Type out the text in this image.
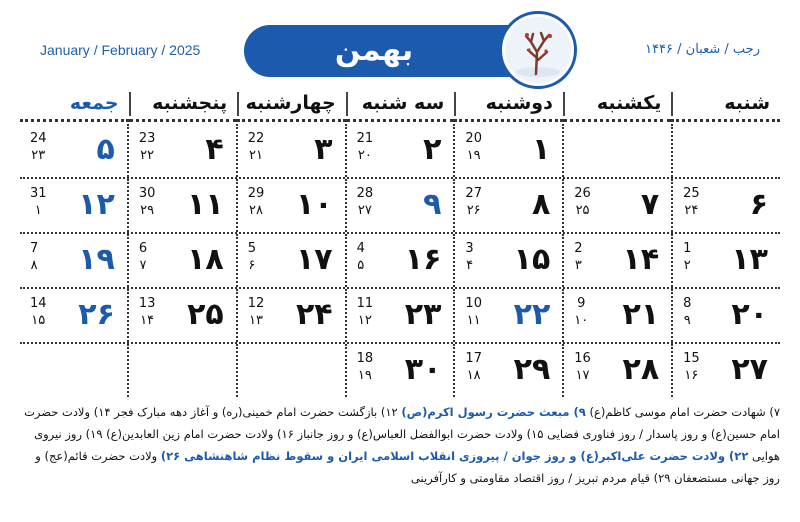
January / February / 2025	بهمن	رجب / شعبان / ۱۴۴۶
شنبه
یکشنبه
دوشنبه
سه شنبه
چهارشنبه
پنجشنبه
جمعه
۱
20
۱۹
۲
21
۲۰
۳
22
۲۱
۴
23
۲۲
۵
24
۲۳
۶
25
۲۴
۷
26
۲۵
۸
27
۲۶
۹
28
۲۷
۱۰
29
۲۸
۱۱
30
۲۹
۱۲
31
۱
۱۳
1
۲
۱۴
2
۳
۱۵
3
۴
۱۶
4
۵
۱۷
5
۶
۱۸
6
۷
۱۹
7
۸
۲۰
8
۹
۲۱
9
۱۰
۲۲
10
۱۱
۲۳
11
۱۲
۲۴
12
۱۳
۲۵
13
۱۴
۲۶
14
۱۵
۲۷
15
۱۶
۲۸
16
۱۷
۲۹
17
۱۸
۳۰
18
۱۹
۷) شهادت حضرت امام موسی کاظم(ع) ۹) مبعث حضرت رسول اکرم(ص) ۱۲) بازگشت حضرت امام خمینی(ره) و آغاز دهه مبارک فجر ۱۴) ولادت حضرت امام حسین(ع) و روز پاسدار / روز فناوری فضایی ۱۵) ولادت حضرت ابوالفضل العباس(ع) و روز جانباز ۱۶) ولادت حضرت امام زین العابدین(ع) ۱۹) روز نیروی هوایی ۲۲) ولادت حضرت علی‌اکبر(ع) و روز جوان / پیروزی انقلاب اسلامی ایران و سقوط نظام شاهنشاهی ۲۶) ولادت حضرت قائم(عج) و روز جهانی مستضعفان ۲۹) قیام مردم تبریز / روز اقتصاد مقاومتی و کارآفرینی
